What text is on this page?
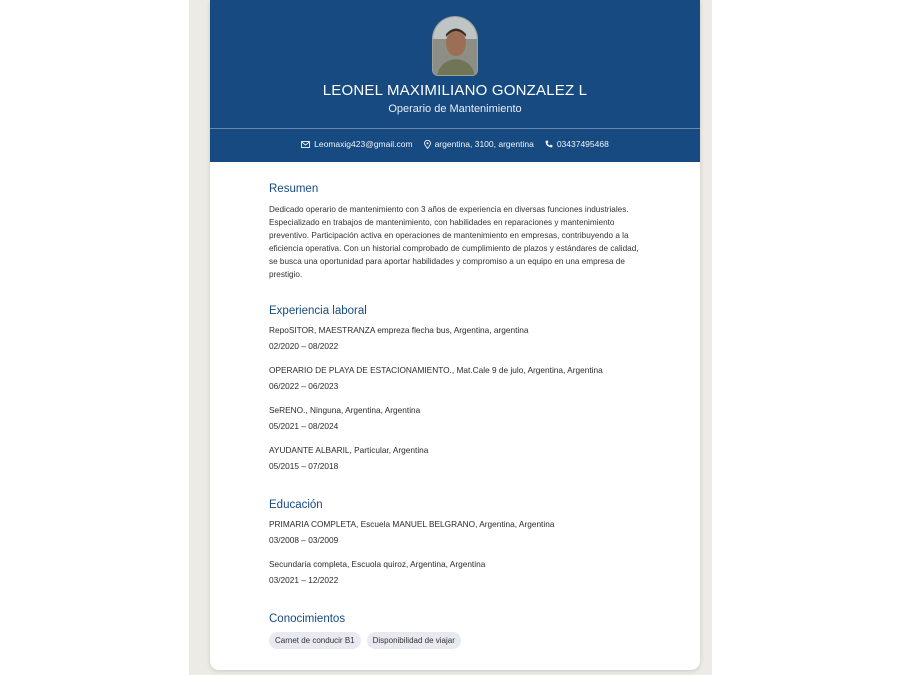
LEONEL MAXIMILIANO GONZALEZ L
Operario de Mantenimiento
Leomaxig423@gmail.com	argentina, 3100, argentina	03437495468
Resumen
Dedicado operario de mantenimiento con 3 años de experiencia en diversas funciones industriales. Especializado en trabajos de mantenimiento, con habilidades en reparaciones y mantenimiento preventivo. Participación activa en operaciones de mantenimiento en empresas, contribuyendo a la eficiencia operativa. Con un historial comprobado de cumplimiento de plazos y estándares de calidad, se busca una oportunidad para aportar habilidades y compromiso a un equipo en una empresa de prestigio.
Experiencia laboral
RepoSITOR, MAESTRANZA empreza flecha bus, Argentina, argentina
02/2020 – 08/2022
OPERARIO DE PLAYA DE ESTACIONAMIENTO., Mat.Cale 9 de julo, Argentina, Argentina
06/2022 – 06/2023
SeRENO., Ninguna, Argentina, Argentina
05/2021 – 08/2024
AYUDANTE ALBARIL, Particular, Argentina
05/2015 – 07/2018
Educación
PRIMARIA COMPLETA, Escuela MANUEL BELGRANO, Argentina, Argentina
03/2008 – 03/2009
Secundaria completa, Escuola quiroz, Argentina, Argentina
03/2021 – 12/2022
Conocimientos
Carnet de conducir B1	Disponibilidad de viajar
